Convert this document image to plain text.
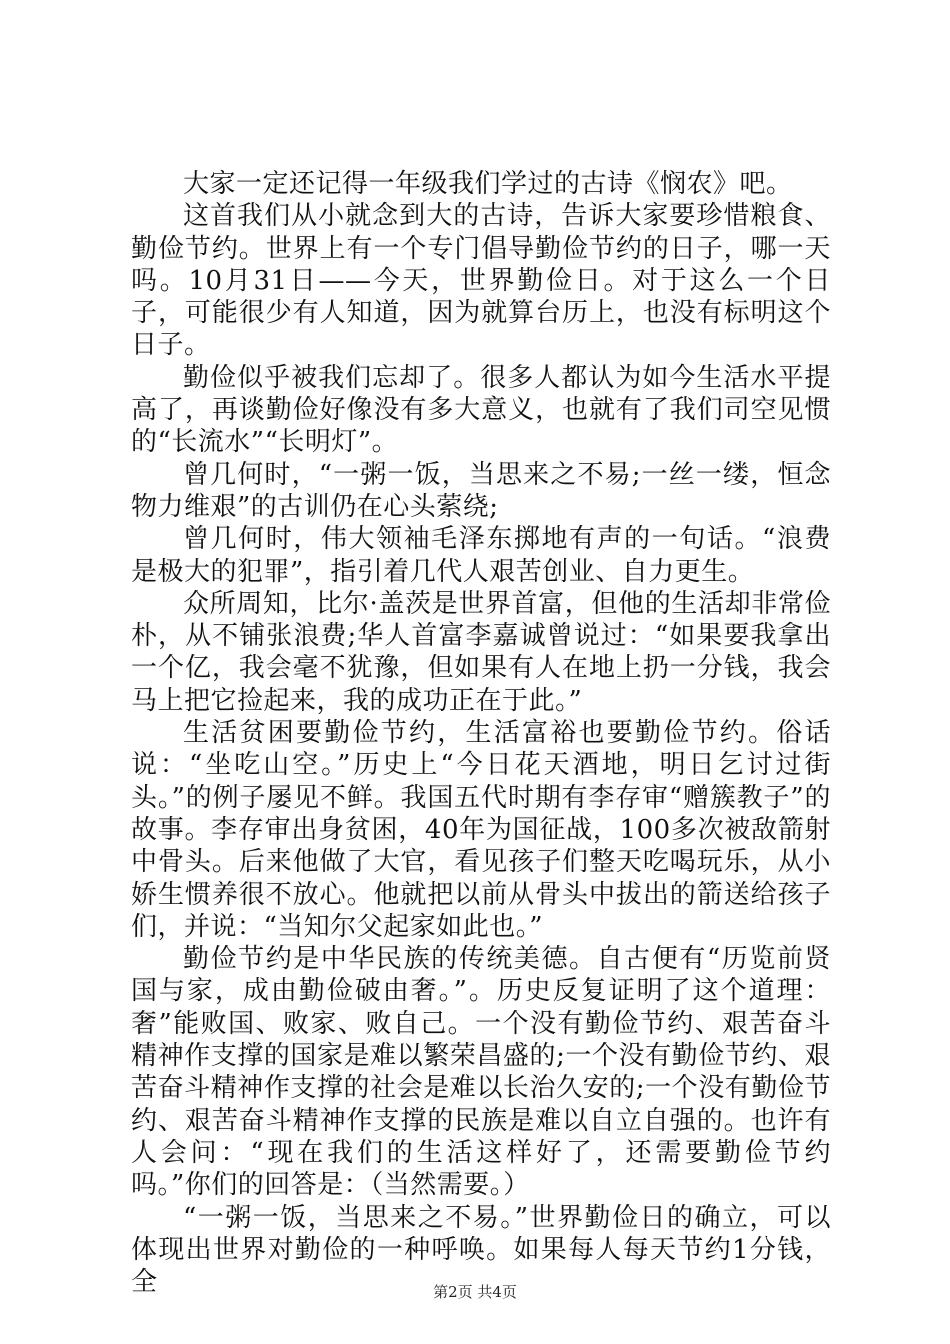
大家一定还记得一年级我们学过的古诗《悯农》吧。

这首我们从小就念到大的古诗，告诉大家要珍惜粮食、勤俭节约。世界上有一个专门倡导勤俭节约的日子，哪一天吗。10月31日——今天，世界勤俭日。对于这么一个日子，可能很少有人知道，因为就算台历上，也没有标明这个日子。

勤俭似乎被我们忘却了。很多人都认为如今生活水平提高了，再谈勤俭好像没有多大意义，也就有了我们司空见惯的“长流水”“长明灯”。

曾几何时，“一粥一饭，当思来之不易;一丝一缕，恒念物力维艰”的古训仍在心头萦绕;

曾几何时，伟大领袖毛泽东掷地有声的一句话。“浪费是极大的犯罪”，指引着几代人艰苦创业、自力更生。

众所周知，比尔·盖茨是世界首富，但他的生活却非常俭朴，从不铺张浪费;华人首富李嘉诚曾说过：“如果要我拿出一个亿，我会毫不犹豫，但如果有人在地上扔一分钱，我会马上把它捡起来，我的成功正在于此。”

生活贫困要勤俭节约，生活富裕也要勤俭节约。俗话说：“坐吃山空。”历史上“今日花天酒地，明日乞讨过街头。”的例子屡见不鲜。我国五代时期有李存审“赠簇教子”的故事。李存审出身贫困，40年为国征战，100多次被敌箭射中骨头。后来他做了大官，看见孩子们整天吃喝玩乐，从小娇生惯养很不放心。他就把以前从骨头中拔出的箭送给孩子们，并说：“当知尔父起家如此也。”

勤俭节约是中华民族的传统美德。自古便有“历览前贤国与家，成由勤俭破由奢。”。历史反复证明了这个道理：奢”能败国、败家、败自己。一个没有勤俭节约、艰苦奋斗精神作支撑的国家是难以繁荣昌盛的;一个没有勤俭节约、艰苦奋斗精神作支撑的社会是难以长治久安的;一个没有勤俭节约、艰苦奋斗精神作支撑的民族是难以自立自强的。也许有人会问：“现在我们的生活这样好了，还需要勤俭节约吗。”你们的回答是：（当然需要。）

“一粥一饭，当思来之不易。”世界勤俭日的确立，可以体现出世界对勤俭的一种呼唤。如果每人每天节约1分钱，全	第2页 共4页
